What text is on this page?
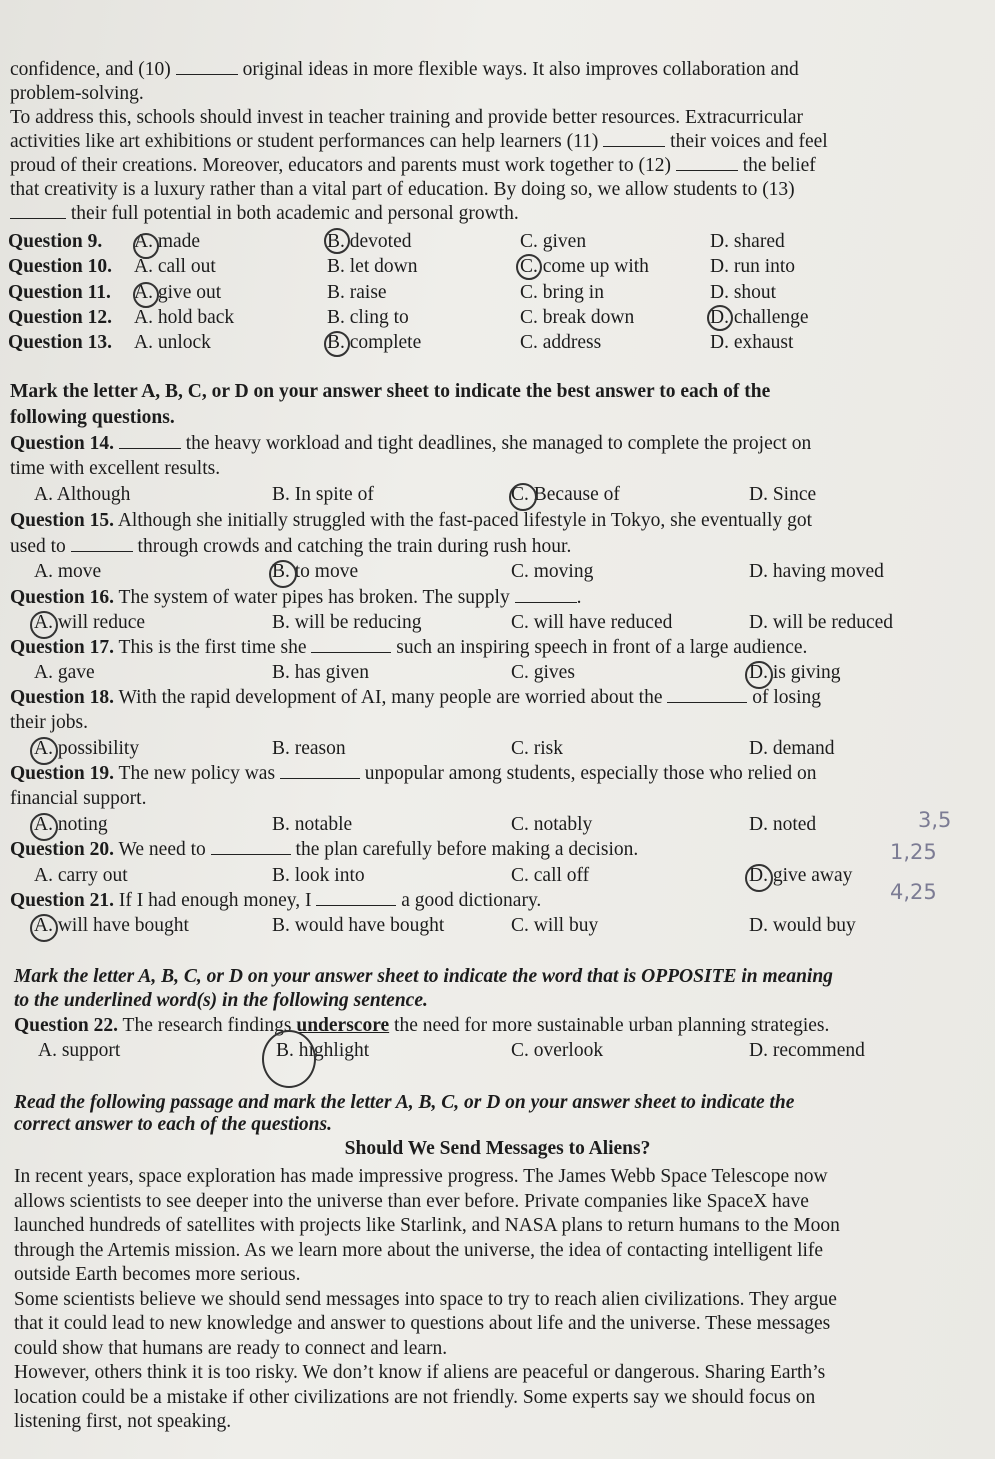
confidence, and (10)	original ideas in more flexible ways. It also improves collaboration and
problem-solving.
To address this, schools should invest in teacher training and provide better resources. Extracurricular
activities like art exhibitions or student performances can help learners (11)	their voices and feel
proud of their creations. Moreover, educators and parents must work together to (12)	the belief
that creativity is a luxury rather than a vital part of education. By doing so, we allow students to (13)
their full potential in both academic and personal growth.
Question 9. A. made	B. devoted	C. given	D. shared
Question 10. A. call out	B. let down	C. come up with	D. run into
Question 11. A. give out	B. raise	C. bring in	D. shout
Question 12. A. hold back	B. cling to	C. break down	D. challenge
Question 13. A. unlock	B. complete	C. address	D. exhaust
Mark the letter A, B, C, or D on your answer sheet to indicate the best answer to each of the
following questions.
Question 14.	the heavy workload and tight deadlines, she managed to complete the project on
time with excellent results.
A. Although	B. In spite of	C. Because of	D. Since
Question 15. Although she initially struggled with the fast-paced lifestyle in Tokyo, she eventually got
used to	through crowds and catching the train during rush hour.
A. move	B. to move	C. moving	D. having moved
Question 16. The system of water pipes has broken. The supply	.
A. will reduce	B. will be reducing	C. will have reduced	D. will be reduced
Question 17. This is the first time she	such an inspiring speech in front of a large audience.
A. gave	B. has given	C. gives	D. is giving
Question 18. With the rapid development of AI, many people are worried about the	of losing
their jobs.
A. possibility	B. reason	C. risk	D. demand
Question 19. The new policy was	unpopular among students, especially those who relied on
financial support.
A. noting	B. notable	C. notably	D. noted
Question 20. We need to	the plan carefully before making a decision.
A. carry out	B. look into	C. call off	D. give away
Question 21. If I had enough money, I	a good dictionary.
A. will have bought	B. would have bought	C. will buy	D. would buy
Mark the letter A, B, C, or D on your answer sheet to indicate the word that is OPPOSITE in meaning
to the underlined word(s) in the following sentence.
Question 22. The research findings underscore the need for more sustainable urban planning strategies.
A. support	B. highlight	C. overlook	D. recommend
Read the following passage and mark the letter A, B, C, or D on your answer sheet to indicate the
correct answer to each of the questions.
Should We Send Messages to Aliens?
In recent years, space exploration has made impressive progress. The James Webb Space Telescope now
allows scientists to see deeper into the universe than ever before. Private companies like SpaceX have
launched hundreds of satellites with projects like Starlink, and NASA plans to return humans to the Moon
through the Artemis mission. As we learn more about the universe, the idea of contacting intelligent life
outside Earth becomes more serious.
Some scientists believe we should send messages into space to try to reach alien civilizations. They argue
that it could lead to new knowledge and answer to questions about life and the universe. These messages
could show that humans are ready to connect and learn.
However, others think it is too risky. We don’t know if aliens are peaceful or dangerous. Sharing Earth’s
location could be a mistake if other civilizations are not friendly. Some experts say we should focus on
listening first, not speaking.
3,5
1,25
4,25
